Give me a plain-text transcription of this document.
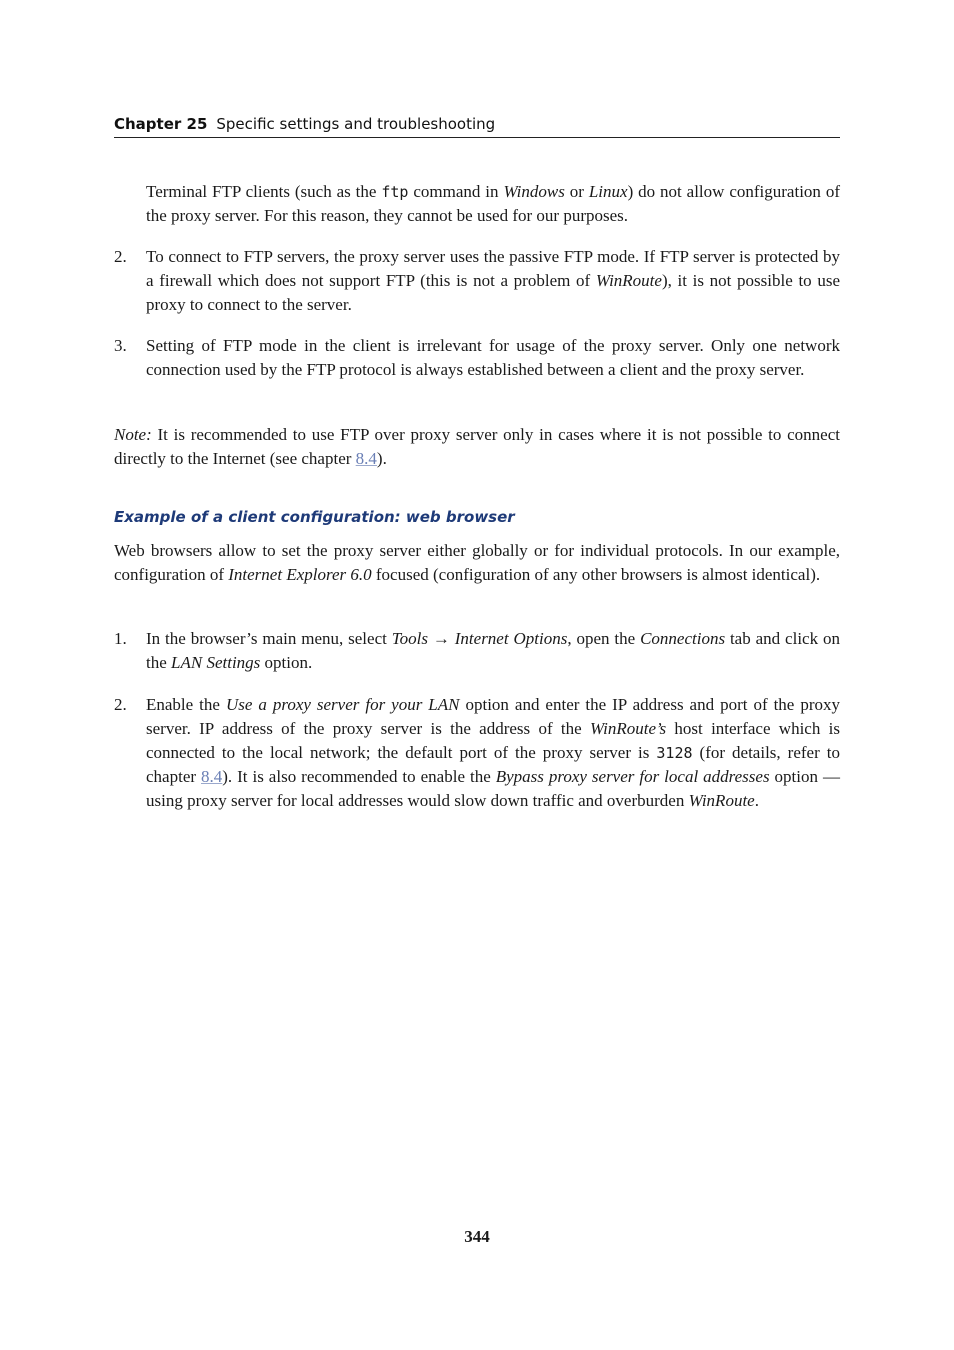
Chapter 25 Specific settings and troubleshooting
Terminal FTP clients (such as the ftp command in Windows or Linux) do not allow configuration of the proxy server. For this reason, they cannot be used for our purposes.
2. To connect to FTP servers, the proxy server uses the passive FTP mode. If FTP server is protected by a firewall which does not support FTP (this is not a problem of WinRoute), it is not possible to use proxy to connect to the server.
3. Setting of FTP mode in the client is irrelevant for usage of the proxy server. Only one network connection used by the FTP protocol is always established between a client and the proxy server.
Note: It is recommended to use FTP over proxy server only in cases where it is not possible to connect directly to the Internet (see chapter 8.4).
Example of a client configuration: web browser
Web browsers allow to set the proxy server either globally or for individual protocols. In our example, configuration of Internet Explorer 6.0 focused (configuration of any other browsers is almost identical).
1. In the browser’s main menu, select Tools → Internet Options, open the Connections tab and click on the LAN Settings option.
2. Enable the Use a proxy server for your LAN option and enter the IP address and port of the proxy server. IP address of the proxy server is the address of the WinRoute’s host interface which is connected to the local network; the default port of the proxy server is 3128 (for details, refer to chapter 8.4). It is also recommended to enable the Bypass proxy server for local addresses option — using proxy server for local addresses would slow down traffic and overburden WinRoute.
344
